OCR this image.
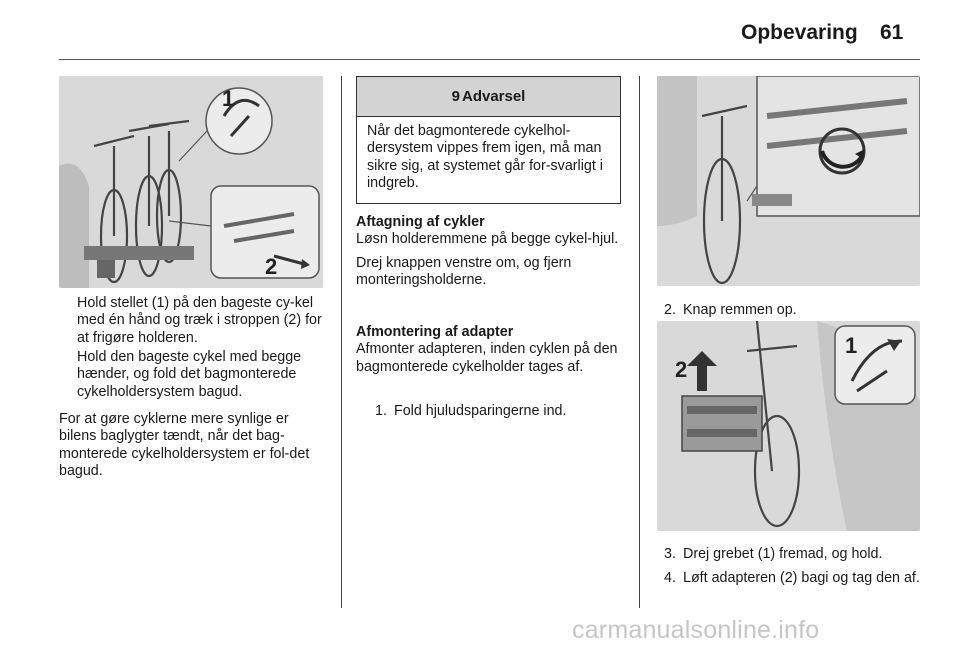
Opbevaring 61
1
2

Hold stellet (1) på den bageste cy-kel med én hånd og træk i stroppen (2) for at frigøre holderen.

Hold den bageste cykel med begge hænder, og fold det bagmonterede cykelholdersystem bagud.

For at gøre cyklerne mere synlige er bilens baglygter tændt, når det bag-monterede cykelholdersystem er fol-det bagud.

9 Advarsel
Når det bagmonterede cykelhol-dersystem vippes frem igen, må man sikre sig, at systemet går for-svarligt i indgreb.

Aftagning af cykler

Løsn holderemmene på begge cykel-hjul.

Drej knappen venstre om, og fjern monteringsholderne.

Afmontering af adapter

Afmonter adapteren, inden cyklen på den bagmonterede cykelholder tages af.

1. Fold hjuludsparingerne ind.
2. Knap remmen op.
1
2
3. Drej grebet (1) fremad, og hold.
4. Løft adapteren (2) bagi og tag den af.
carmanualsonline.info
